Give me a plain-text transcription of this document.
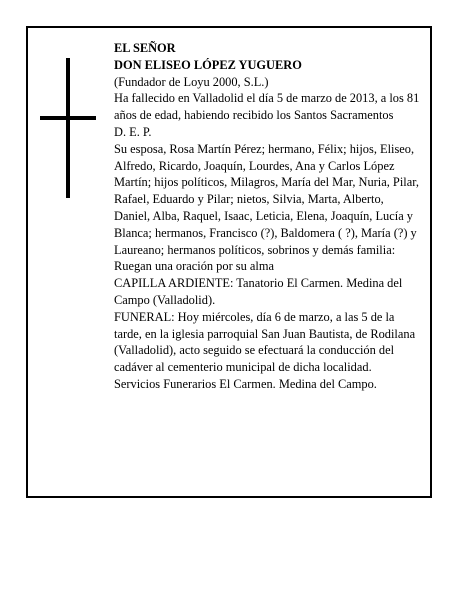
EL SEÑOR

DON ELISEO LÓPEZ YUGUERO

(Fundador de Loyu 2000, S.L.)

Ha fallecido en Valladolid el día 5 de marzo de 2013, a los 81 años de edad, habiendo recibido los Santos Sacramentos

D. E. P.

Su esposa, Rosa Martín Pérez; hermano, Félix; hijos, Eliseo, Alfredo, Ricardo, Joaquín, Lourdes, Ana y Carlos López Martín; hijos políticos, Milagros, María del Mar, Nuria, Pilar, Rafael, Eduardo y Pilar; nietos, Silvia, Marta, Alberto, Daniel, Alba, Raquel, Isaac, Leticia, Elena, Joaquín, Lucía y Blanca; hermanos, Francisco (?), Baldomera ( ?), María (?) y Laureano; hermanos políticos, sobrinos y demás familia:

Ruegan una oración por su alma

CAPILLA ARDIENTE: Tanatorio El Carmen. Medina del Campo (Valladolid).

FUNERAL: Hoy miércoles, día 6 de marzo, a las 5 de la tarde, en la iglesia parroquial San Juan Bautista, de Rodilana (Valladolid), acto seguido se efectuará la conducción del cadáver al cementerio municipal de dicha localidad.

Servicios Funerarios El Carmen. Medina del Campo.
